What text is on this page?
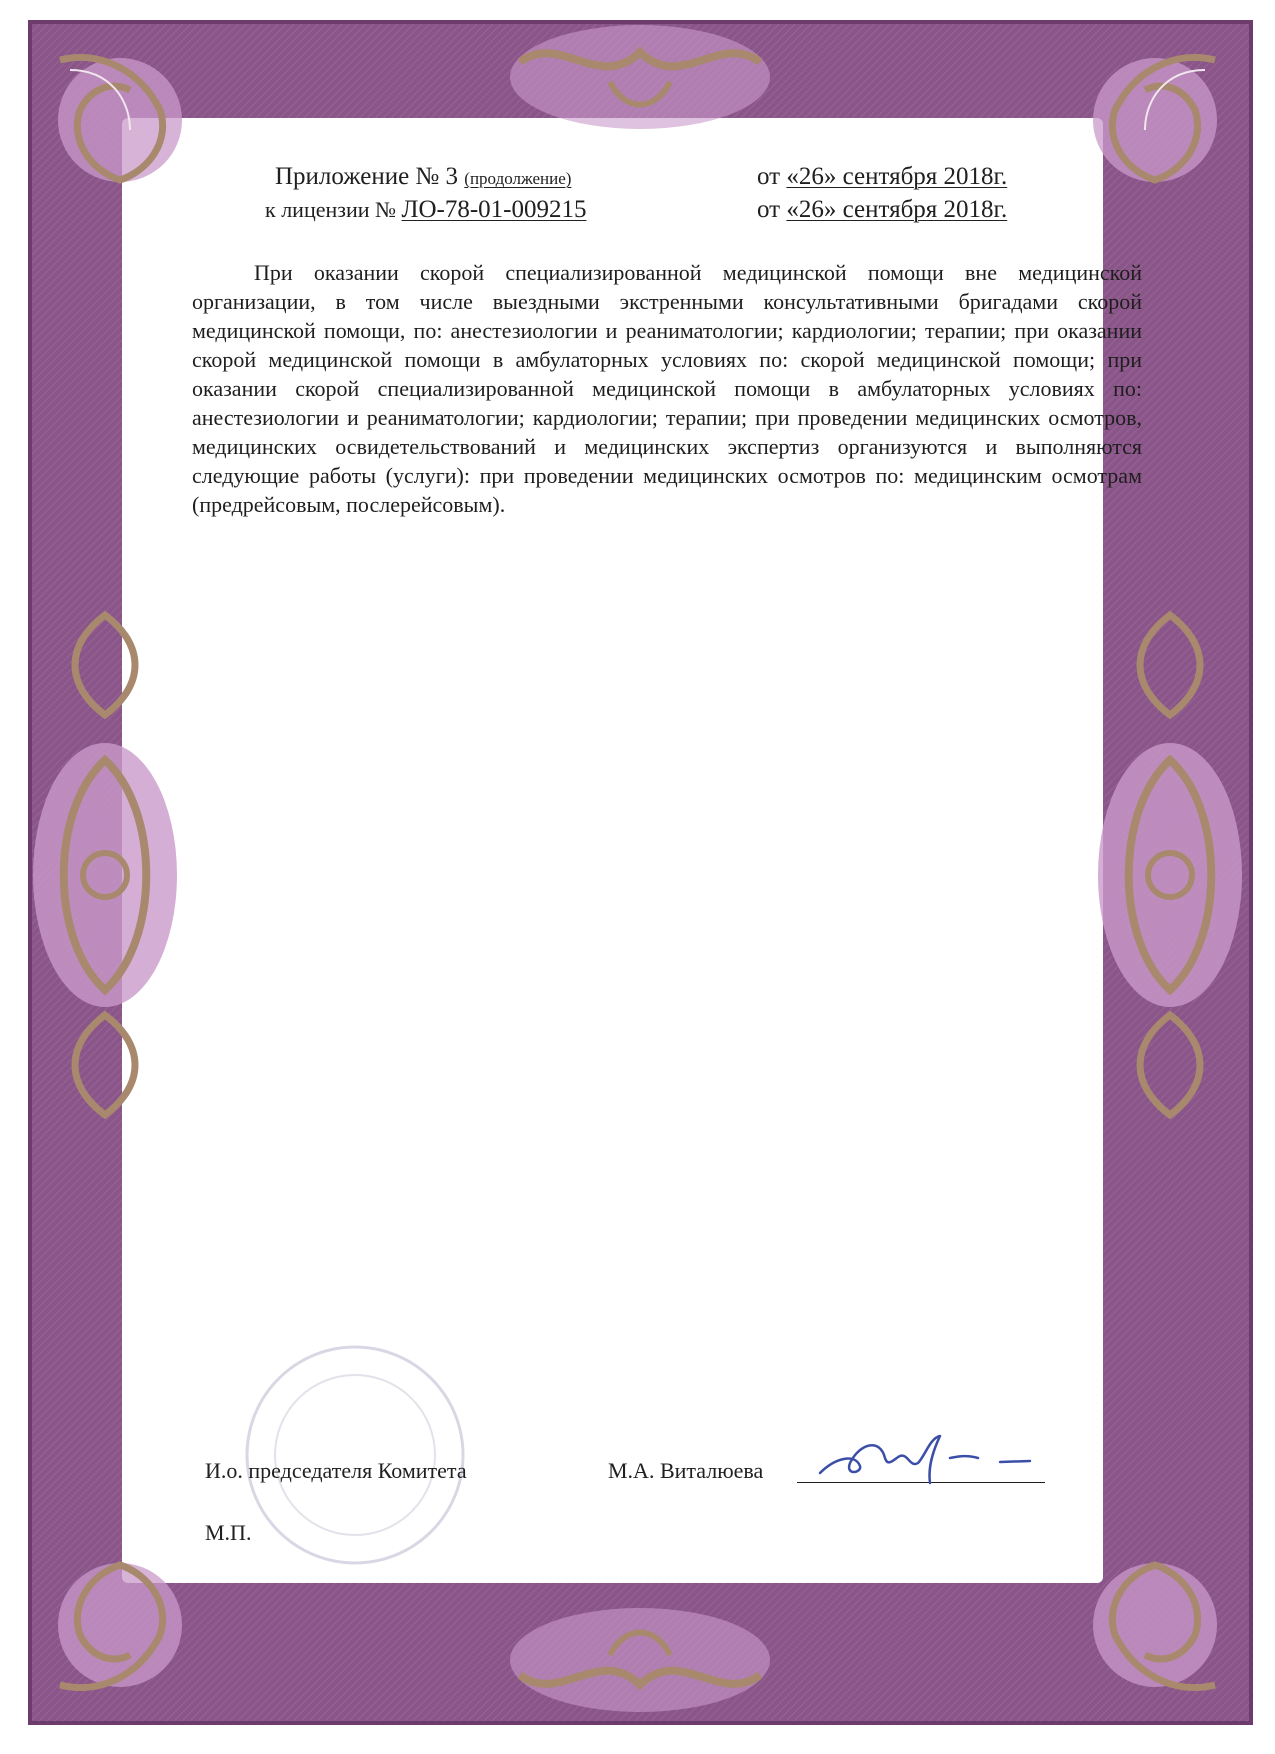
Приложение № 3 (продолжение)	от «26» сентября 2018г.
к лицензии № ЛО-78-01-009215	от «26» сентября 2018г.

При оказании скорой специализированной медицинской помощи вне медицинской организации, в том числе выездными экстренными консультативными бригадами скорой медицинской помощи, по: анестезиологии и реаниматологии; кардиологии; терапии; при оказании скорой медицинской помощи в амбулаторных условиях по: скорой медицинской помощи; при оказании скорой специализированной медицинской помощи в амбулаторных условиях по: анестезиологии и реаниматологии; кардиологии; терапии; при проведении медицинских осмотров, медицинских освидетельствований и медицинских экспертиз организуются и выполняются следующие работы (услуги): при проведении медицинских осмотров по: медицинским осмотрам (предрейсовым, послерейсовым).

И.о. председателя Комитета	М.А. Виталюева
М.П.
